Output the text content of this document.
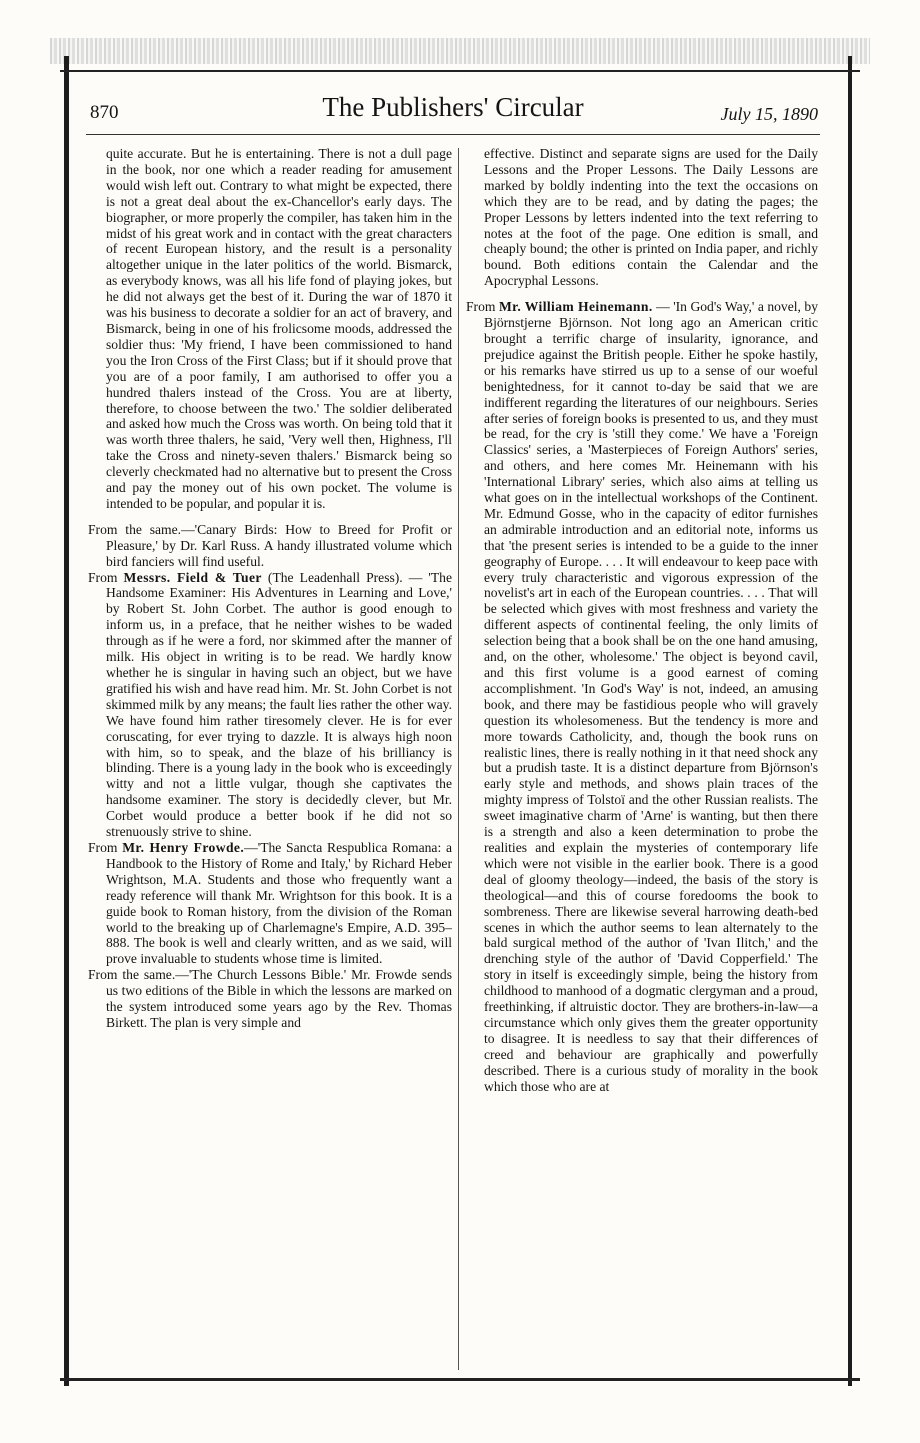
870	The Publishers' Circular	July 15, 1890

quite accurate. But he is entertaining. There is not a dull page in the book, nor one which a reader reading for amusement would wish left out. Contrary to what might be expected, there is not a great deal about the ex-Chancellor's early days. The biographer, or more properly the compiler, has taken him in the midst of his great work and in contact with the great characters of recent European history, and the result is a personality altogether unique in the later politics of the world. Bismarck, as everybody knows, was all his life fond of playing jokes, but he did not always get the best of it. During the war of 1870 it was his business to decorate a soldier for an act of bravery, and Bismarck, being in one of his frolicsome moods, addressed the soldier thus: 'My friend, I have been commissioned to hand you the Iron Cross of the First Class; but if it should prove that you are of a poor family, I am authorised to offer you a hundred thalers instead of the Cross. You are at liberty, therefore, to choose between the two.' The soldier deliberated and asked how much the Cross was worth. On being told that it was worth three thalers, he said, 'Very well then, Highness, I'll take the Cross and ninety-seven thalers.' Bismarck being so cleverly checkmated had no alternative but to present the Cross and pay the money out of his own pocket. The volume is intended to be popular, and popular it is.

From the same.—'Canary Birds: How to Breed for Profit or Pleasure,' by Dr. Karl Russ. A handy illustrated volume which bird fanciers will find useful.

From Messrs. Field & Tuer (The Leadenhall Press). — 'The Handsome Examiner: His Adventures in Learning and Love,' by Robert St. John Corbet. The author is good enough to inform us, in a preface, that he neither wishes to be waded through as if he were a ford, nor skimmed after the manner of milk. His object in writing is to be read. We hardly know whether he is singular in having such an object, but we have gratified his wish and have read him. Mr. St. John Corbet is not skimmed milk by any means; the fault lies rather the other way. We have found him rather tiresomely clever. He is for ever coruscating, for ever trying to dazzle. It is always high noon with him, so to speak, and the blaze of his brilliancy is blinding. There is a young lady in the book who is exceedingly witty and not a little vulgar, though she captivates the handsome examiner. The story is decidedly clever, but Mr. Corbet would produce a better book if he did not so strenuously strive to shine.

From Mr. Henry Frowde.—'The Sancta Respublica Romana: a Handbook to the History of Rome and Italy,' by Richard Heber Wrightson, M.A. Students and those who frequently want a ready reference will thank Mr. Wrightson for this book. It is a guide book to Roman history, from the division of the Roman world to the breaking up of Charlemagne's Empire, A.D. 395–888. The book is well and clearly written, and as we said, will prove invaluable to students whose time is limited.

From the same.—'The Church Lessons Bible.' Mr. Frowde sends us two editions of the Bible in which the lessons are marked on the system introduced some years ago by the Rev. Thomas Birkett. The plan is very simple and

effective. Distinct and separate signs are used for the Daily Lessons and the Proper Lessons. The Daily Lessons are marked by boldly indenting into the text the occasions on which they are to be read, and by dating the pages; the Proper Lessons by letters indented into the text referring to notes at the foot of the page. One edition is small, and cheaply bound; the other is printed on India paper, and richly bound. Both editions contain the Calendar and the Apocryphal Lessons.

From Mr. William Heinemann. — 'In God's Way,' a novel, by Björnstjerne Björnson. Not long ago an American critic brought a terrific charge of insularity, ignorance, and prejudice against the British people. Either he spoke hastily, or his remarks have stirred us up to a sense of our woeful benightedness, for it cannot to-day be said that we are indifferent regarding the literatures of our neighbours. Series after series of foreign books is presented to us, and they must be read, for the cry is 'still they come.' We have a 'Foreign Classics' series, a 'Masterpieces of Foreign Authors' series, and others, and here comes Mr. Heinemann with his 'International Library' series, which also aims at telling us what goes on in the intellectual workshops of the Continent. Mr. Edmund Gosse, who in the capacity of editor furnishes an admirable introduction and an editorial note, informs us that 'the present series is intended to be a guide to the inner geography of Europe. . . . It will endeavour to keep pace with every truly characteristic and vigorous expression of the novelist's art in each of the European countries. . . . That will be selected which gives with most freshness and variety the different aspects of continental feeling, the only limits of selection being that a book shall be on the one hand amusing, and, on the other, wholesome.' The object is beyond cavil, and this first volume is a good earnest of coming accomplishment. 'In God's Way' is not, indeed, an amusing book, and there may be fastidious people who will gravely question its wholesomeness. But the tendency is more and more towards Catholicity, and, though the book runs on realistic lines, there is really nothing in it that need shock any but a prudish taste. It is a distinct departure from Björnson's early style and methods, and shows plain traces of the mighty impress of Tolstoï and the other Russian realists. The sweet imaginative charm of 'Arne' is wanting, but then there is a strength and also a keen determination to probe the realities and explain the mysteries of contemporary life which were not visible in the earlier book. There is a good deal of gloomy theology—indeed, the basis of the story is theological—and this of course foredooms the book to sombreness. There are likewise several harrowing death-bed scenes in which the author seems to lean alternately to the bald surgical method of the author of 'Ivan Ilitch,' and the drenching style of the author of 'David Copperfield.' The story in itself is exceedingly simple, being the history from childhood to manhood of a dogmatic clergyman and a proud, freethinking, if altruistic doctor. They are brothers-in-law—a circumstance which only gives them the greater opportunity to disagree. It is needless to say that their differences of creed and behaviour are graphically and powerfully described. There is a curious study of morality in the book which those who are at
